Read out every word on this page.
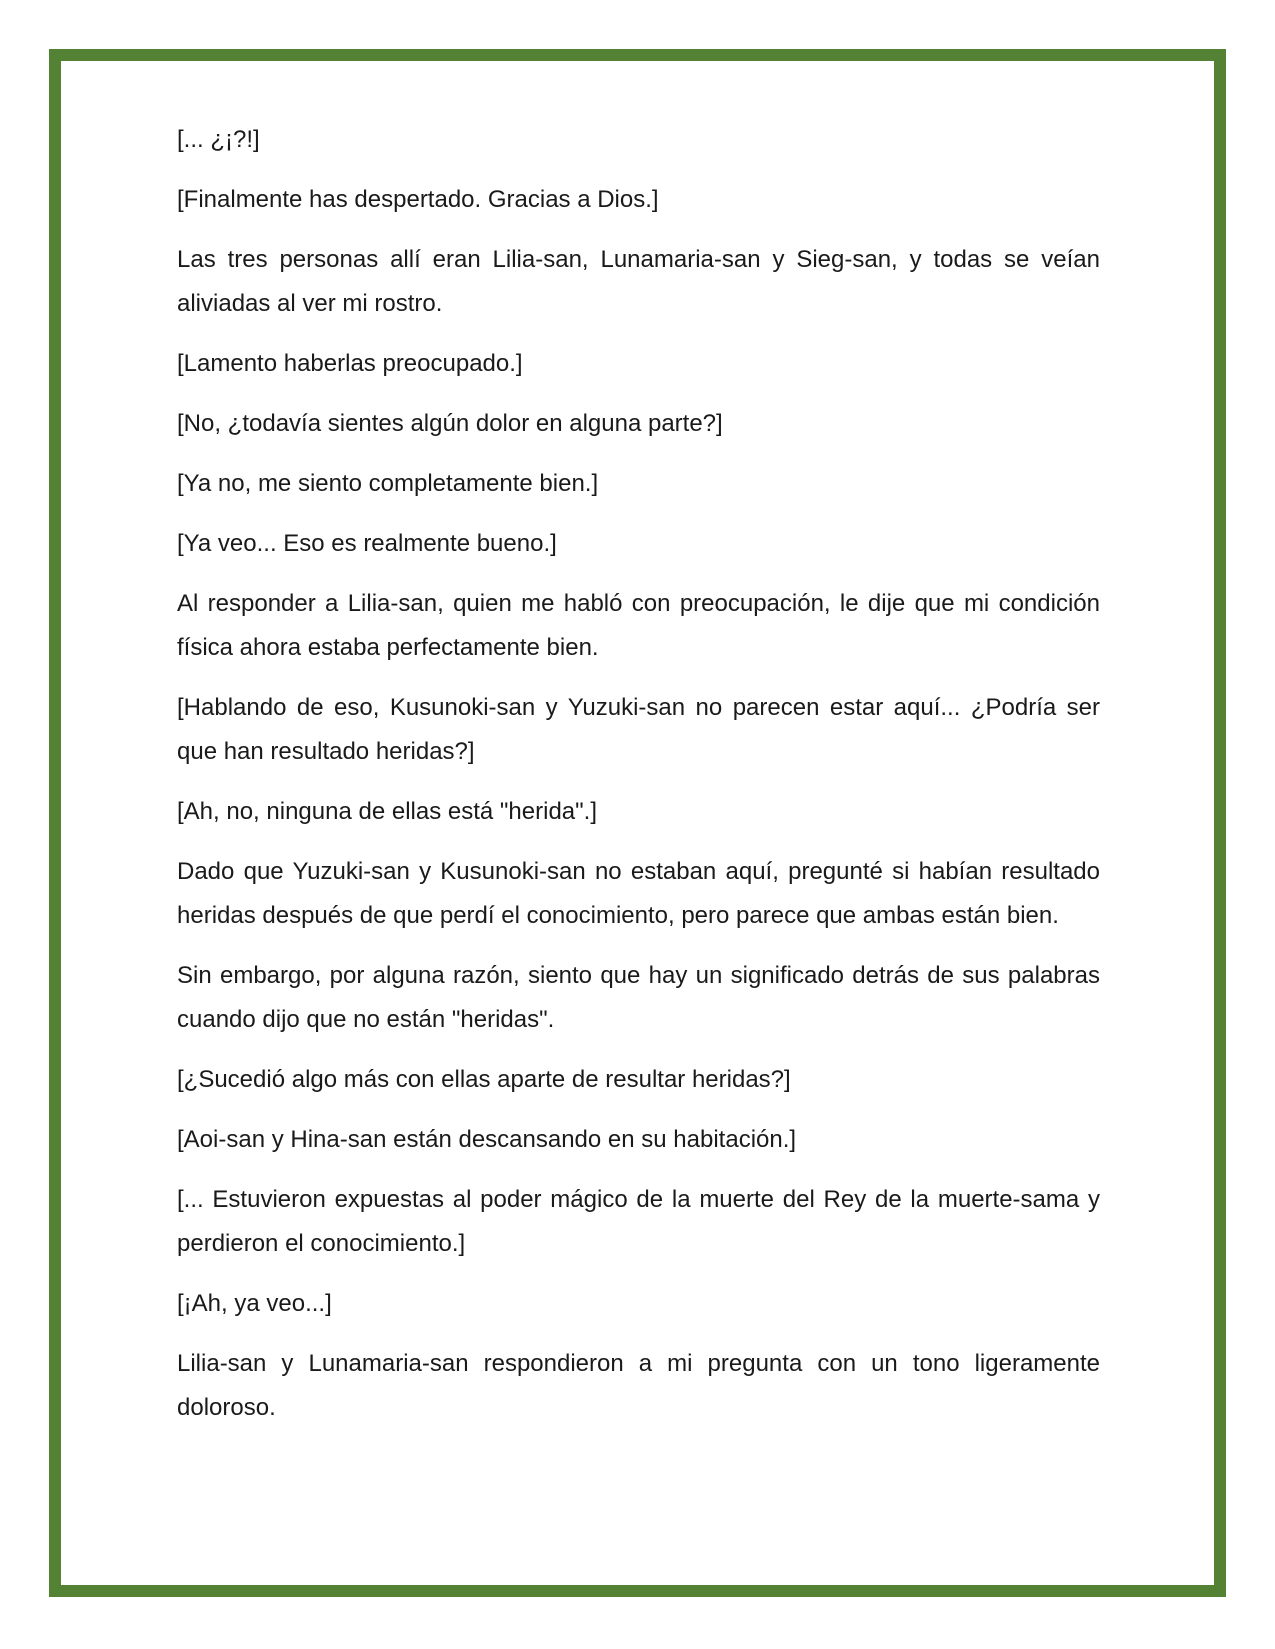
[... ¿¡?!]

[Finalmente has despertado. Gracias a Dios.]

Las tres personas allí eran Lilia-san, Lunamaria-san y Sieg-san, y todas se veían aliviadas al ver mi rostro.

[Lamento haberlas preocupado.]

[No, ¿todavía sientes algún dolor en alguna parte?]

[Ya no, me siento completamente bien.]

[Ya veo... Eso es realmente bueno.]

Al responder a Lilia-san, quien me habló con preocupación, le dije que mi condición física ahora estaba perfectamente bien.

[Hablando de eso, Kusunoki-san y Yuzuki-san no parecen estar aquí... ¿Podría ser que han resultado heridas?]

[Ah, no, ninguna de ellas está "herida".]

Dado que Yuzuki-san y Kusunoki-san no estaban aquí, pregunté si habían resultado heridas después de que perdí el conocimiento, pero parece que ambas están bien.

Sin embargo, por alguna razón, siento que hay un significado detrás de sus palabras cuando dijo que no están "heridas".

[¿Sucedió algo más con ellas aparte de resultar heridas?]

[Aoi-san y Hina-san están descansando en su habitación.]

[... Estuvieron expuestas al poder mágico de la muerte del Rey de la muerte-sama y perdieron el conocimiento.]

[¡Ah, ya veo...]

Lilia-san y Lunamaria-san respondieron a mi pregunta con un tono ligeramente doloroso.
